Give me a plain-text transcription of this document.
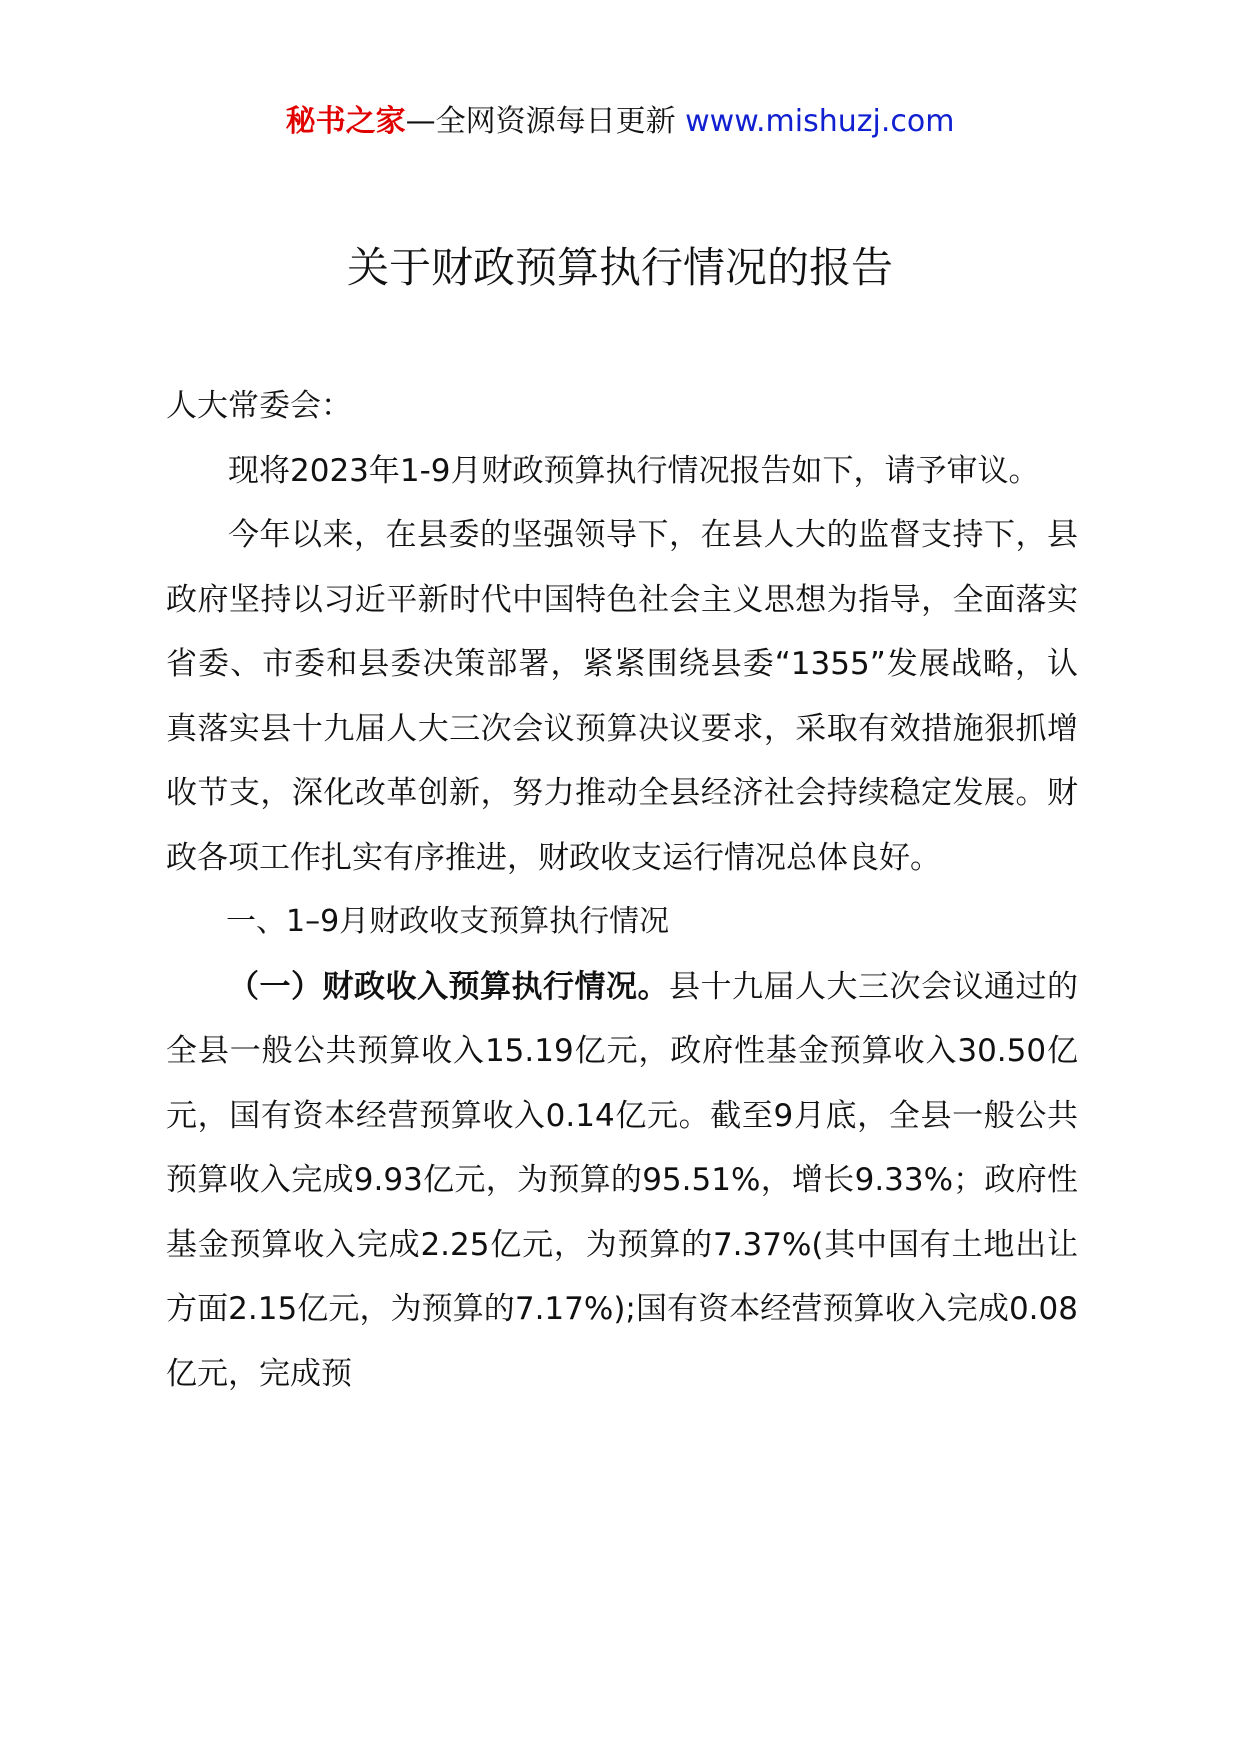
秘书之家—全网资源每日更新 www.mishuzj.com
关于财政预算执行情况的报告

人大常委会：

现将2023年1-9月财政预算执行情况报告如下，请予审议。

今年以来，在县委的坚强领导下，在县人大的监督支持下，县政府坚持以习近平新时代中国特色社会主义思想为指导，全面落实省委、市委和县委决策部署，紧紧围绕县委“1355”发展战略，认真落实县十九届人大三次会议预算决议要求，采取有效措施狠抓增收节支，深化改革创新，努力推动全县经济社会持续稳定发展。财政各项工作扎实有序推进，财政收支运行情况总体良好。

一、1–9月财政收支预算执行情况

（一）财政收入预算执行情况。县十九届人大三次会议通过的全县一般公共预算收入15.19亿元，政府性基金预算收入30.50亿元，国有资本经营预算收入0.14亿元。截至9月底，全县一般公共预算收入完成9.93亿元，为预算的95.51%，增长9.33%；政府性基金预算收入完成2.25亿元，为预算的7.37%(其中国有土地出让方面2.15亿元，为预算的7.17%);国有资本经营预算收入完成0.08亿元，完成预
